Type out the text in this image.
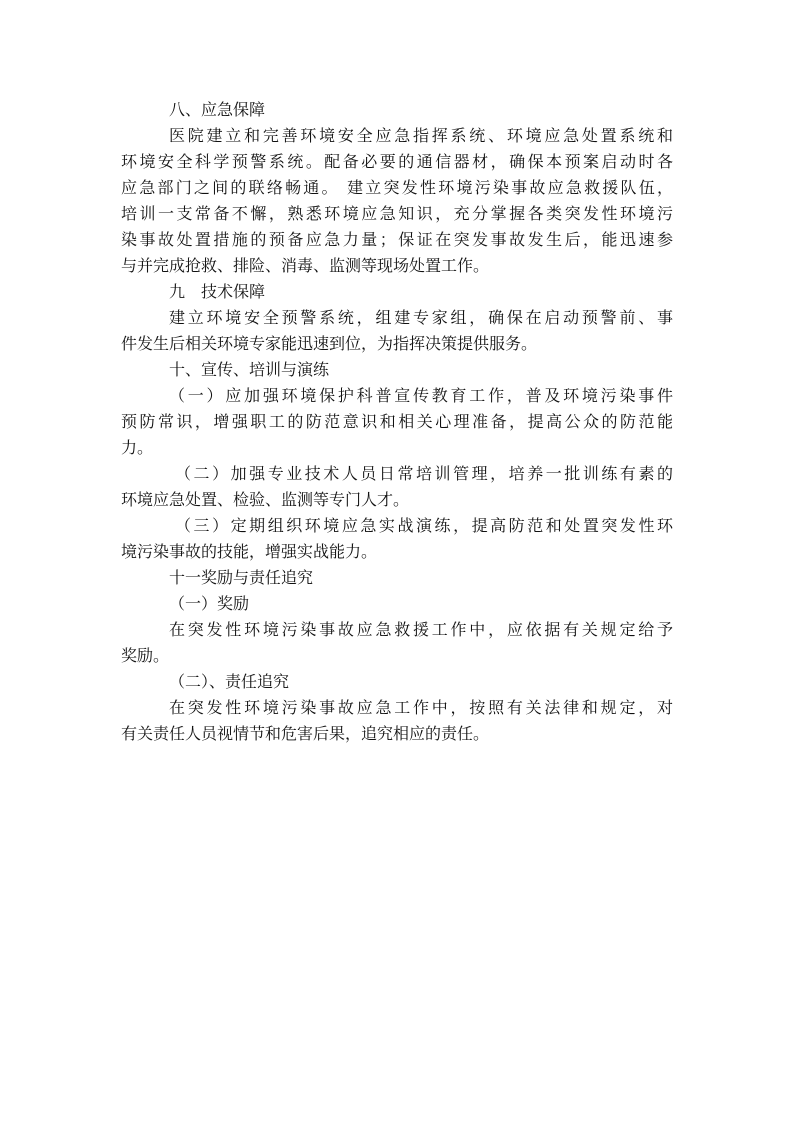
八、应急保障
医院建立和完善环境安全应急指挥系统、环境应急处置系统和
环境安全科学预警系统。配备必要的通信器材，确保本预案启动时各
应急部门之间的联络畅通。 建立突发性环境污染事故应急救援队伍，
培训一支常备不懈，熟悉环境应急知识，充分掌握各类突发性环境污
染事故处置措施的预备应急力量；保证在突发事故发生后，能迅速参
与并完成抢救、排险、消毒、监测等现场处置工作。
九　技术保障
建立环境安全预警系统，组建专家组，确保在启动预警前、事
件发生后相关环境专家能迅速到位，为指挥决策提供服务。
十、宣传、培训与演练
（一）应加强环境保护科普宣传教育工作，普及环境污染事件
预防常识，增强职工的防范意识和相关心理准备，提高公众的防范能
力。
（二）加强专业技术人员日常培训管理，培养一批训练有素的
环境应急处置、检验、监测等专门人才。
（三）定期组织环境应急实战演练，提高防范和处置突发性环
境污染事故的技能，增强实战能力。
十一奖励与责任追究
（一）奖励
在突发性环境污染事故应急救援工作中，应依据有关规定给予
奖励。
（二）、责任追究
在突发性环境污染事故应急工作中，按照有关法律和规定，对
有关责任人员视情节和危害后果，追究相应的责任。
